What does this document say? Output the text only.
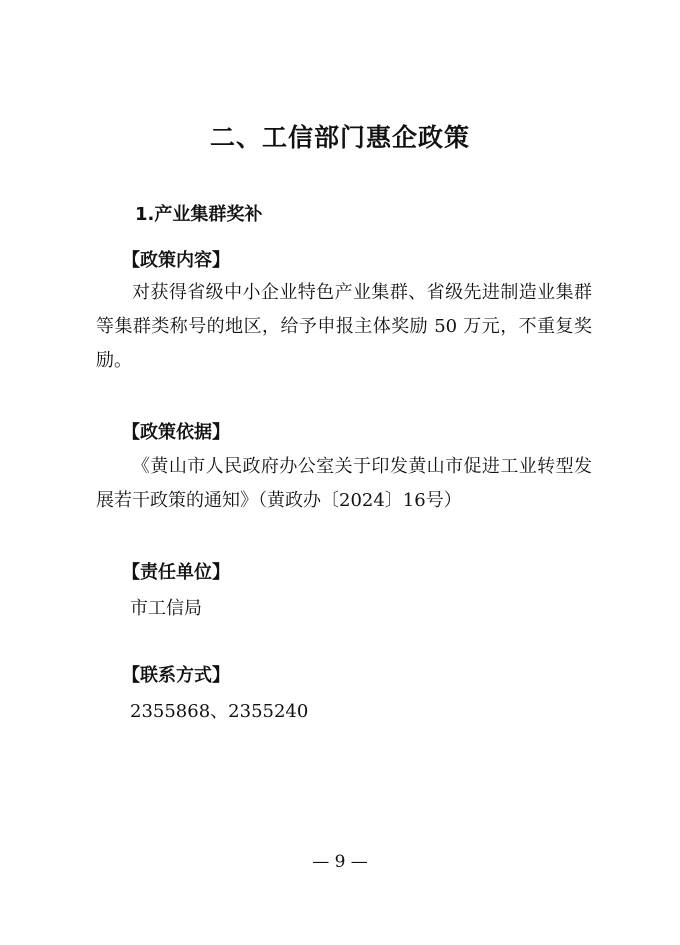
二、工信部门惠企政策
1.产业集群奖补
【政策内容】
对获得省级中小企业特色产业集群、省级先进制造业集群等集群类称号的地区，给予申报主体奖励 50 万元，不重复奖励。
【政策依据】
《黄山市人民政府办公室关于印发黄山市促进工业转型发展若干政策的通知》（黄政办〔2024〕16号）
【责任单位】
市工信局
【联系方式】
2355868、2355240
— 9 —
